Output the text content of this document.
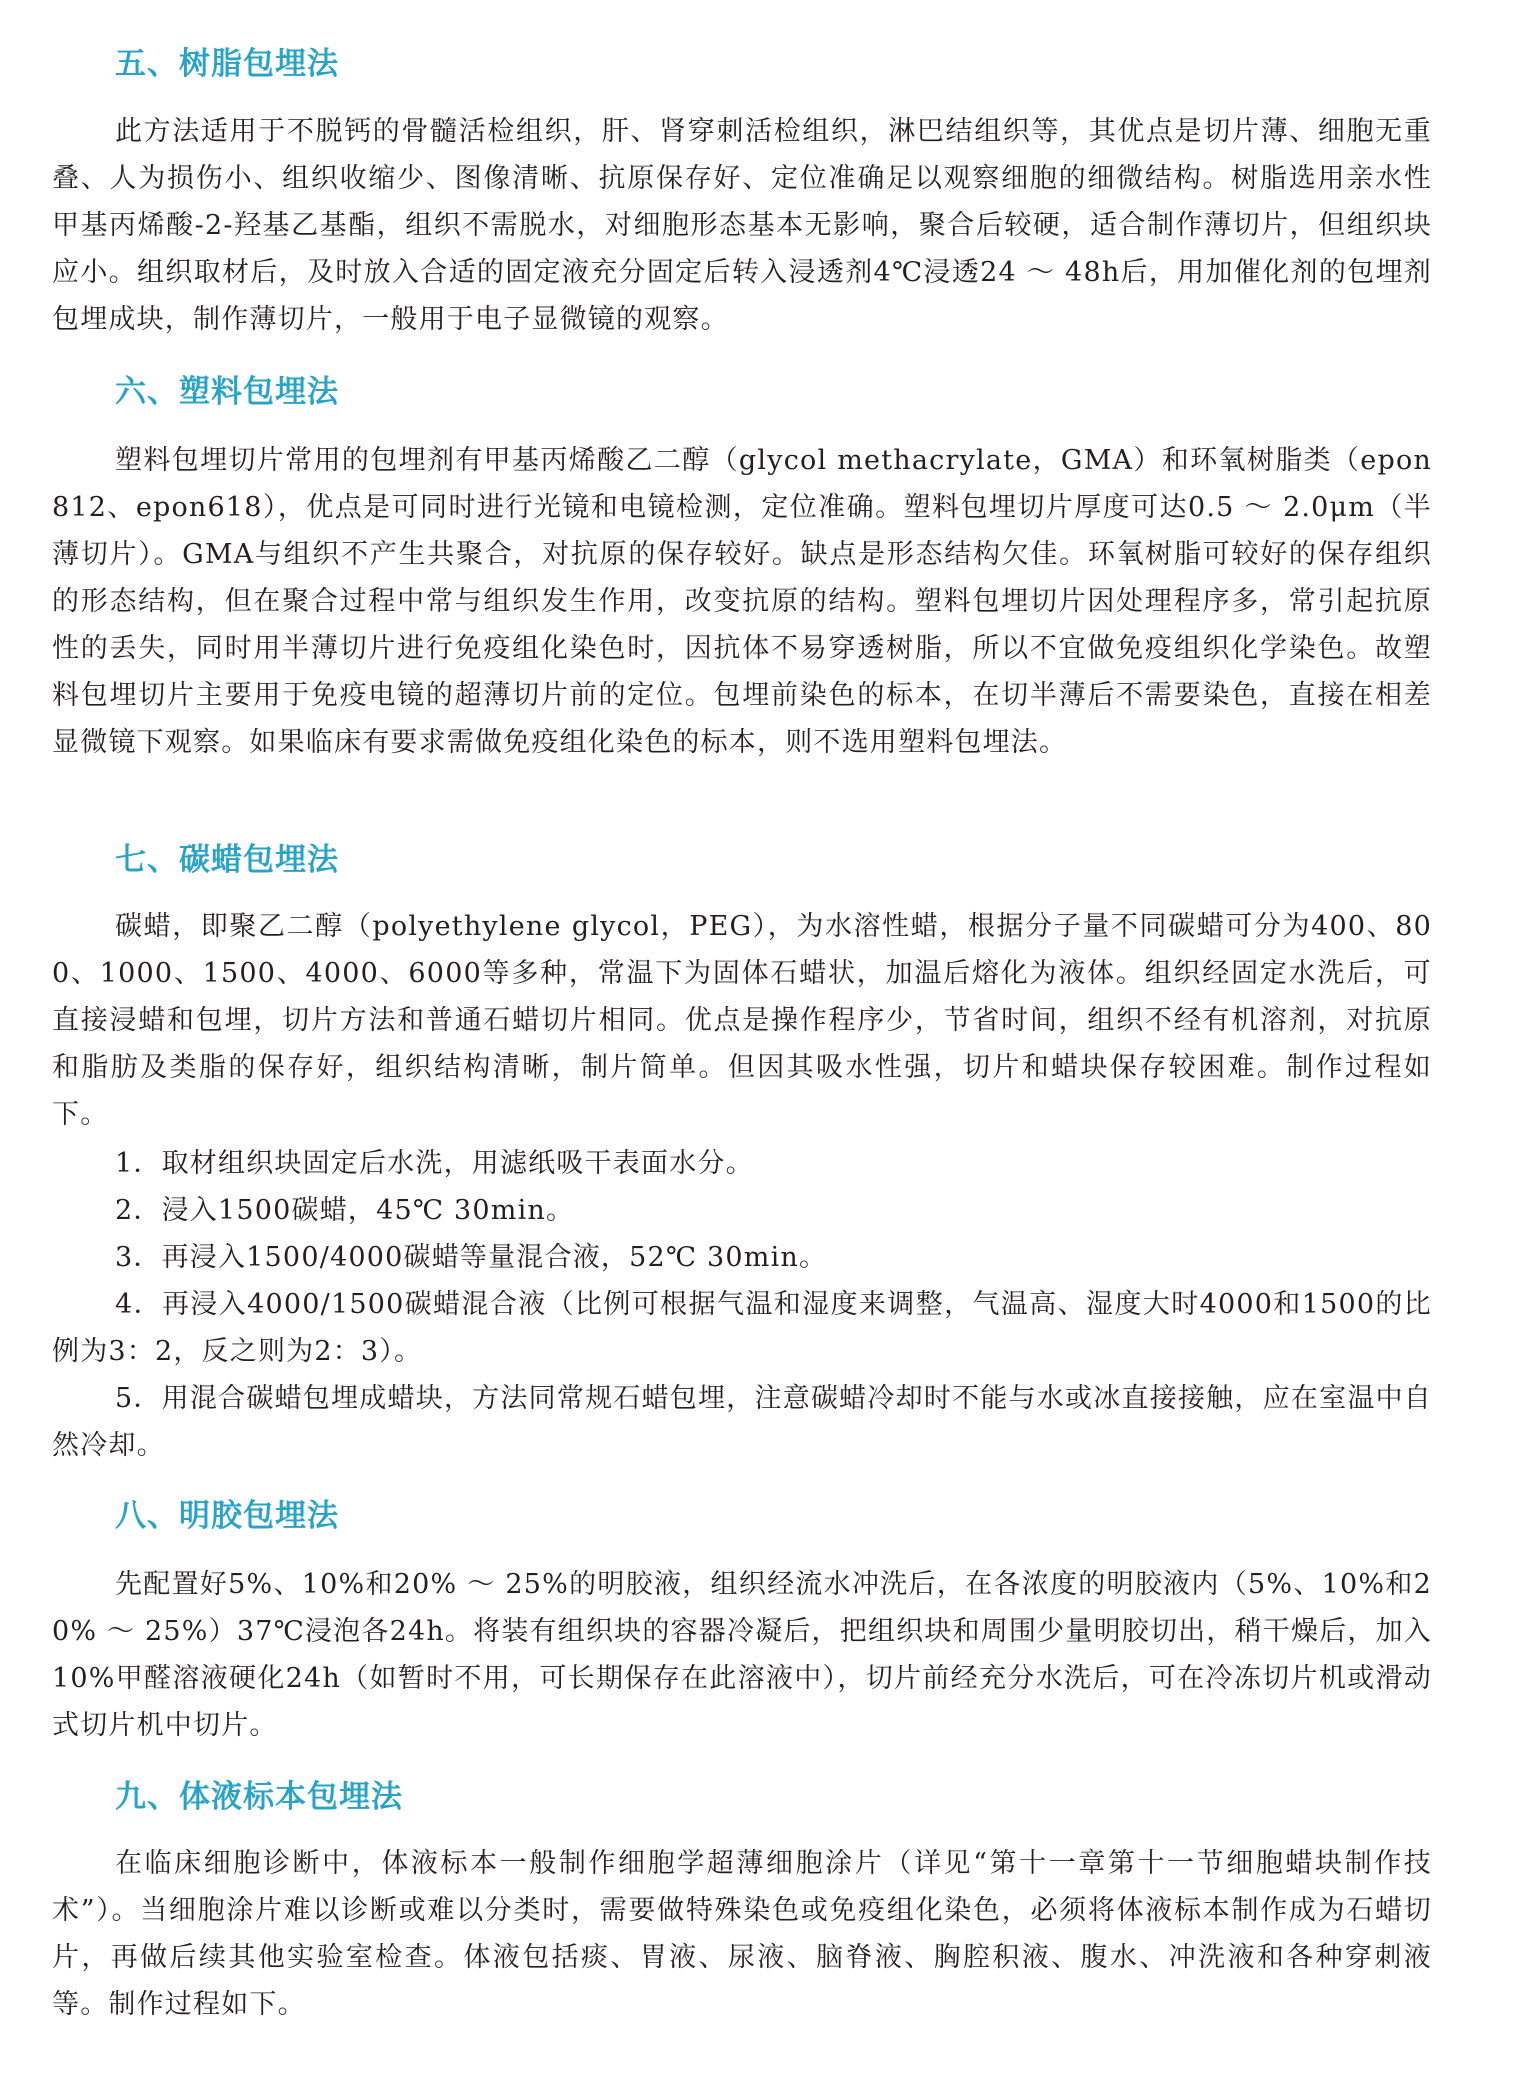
五、树脂包埋法

此方法适用于不脱钙的骨髓活检组织，肝、肾穿刺活检组织，淋巴结组织等，其优点是切片薄、细胞无重叠、人为损伤小、组织收缩少、图像清晰、抗原保存好、定位准确足以观察细胞的细微结构。树脂选用亲水性甲基丙烯酸-2-羟基乙基酯，组织不需脱水，对细胞形态基本无影响，聚合后较硬，适合制作薄切片，但组织块应小。组织取材后，及时放入合适的固定液充分固定后转入浸透剂4℃浸透24 ～ 48h后，用加催化剂的包埋剂包埋成块，制作薄切片，一般用于电子显微镜的观察。

六、塑料包埋法

塑料包埋切片常用的包埋剂有甲基丙烯酸乙二醇（glycol methacrylate，GMA）和环氧树脂类（epon812、epon618），优点是可同时进行光镜和电镜检测，定位准确。塑料包埋切片厚度可达0.5 ～ 2.0μm（半薄切片）。GMA与组织不产生共聚合，对抗原的保存较好。缺点是形态结构欠佳。环氧树脂可较好的保存组织的形态结构，但在聚合过程中常与组织发生作用，改变抗原的结构。塑料包埋切片因处理程序多，常引起抗原性的丢失，同时用半薄切片进行免疫组化染色时，因抗体不易穿透树脂，所以不宜做免疫组织化学染色。故塑料包埋切片主要用于免疫电镜的超薄切片前的定位。包埋前染色的标本，在切半薄后不需要染色，直接在相差显微镜下观察。如果临床有要求需做免疫组化染色的标本，则不选用塑料包埋法。

七、碳蜡包埋法

碳蜡，即聚乙二醇（polyethylene glycol，PEG），为水溶性蜡，根据分子量不同碳蜡可分为400、800、1000、1500、4000、6000等多种，常温下为固体石蜡状，加温后熔化为液体。组织经固定水洗后，可直接浸蜡和包埋，切片方法和普通石蜡切片相同。优点是操作程序少，节省时间，组织不经有机溶剂，对抗原和脂肪及类脂的保存好，组织结构清晰，制片简单。但因其吸水性强，切片和蜡块保存较困难。制作过程如下。

1．取材组织块固定后水洗，用滤纸吸干表面水分。

2．浸入1500碳蜡，45℃ 30min。

3．再浸入1500/4000碳蜡等量混合液，52℃ 30min。

4．再浸入4000/1500碳蜡混合液（比例可根据气温和湿度来调整，气温高、湿度大时4000和1500的比例为3：2，反之则为2：3）。

5．用混合碳蜡包埋成蜡块，方法同常规石蜡包埋，注意碳蜡冷却时不能与水或冰直接接触，应在室温中自然冷却。

八、明胶包埋法

先配置好5%、10%和20% ～ 25%的明胶液，组织经流水冲洗后，在各浓度的明胶液内（5%、10%和20% ～ 25%）37℃浸泡各24h。将装有组织块的容器冷凝后，把组织块和周围少量明胶切出，稍干燥后，加入10%甲醛溶液硬化24h（如暂时不用，可长期保存在此溶液中），切片前经充分水洗后，可在冷冻切片机或滑动式切片机中切片。

九、体液标本包埋法

在临床细胞诊断中，体液标本一般制作细胞学超薄细胞涂片（详见“第十一章第十一节细胞蜡块制作技术”）。当细胞涂片难以诊断或难以分类时，需要做特殊染色或免疫组化染色，必须将体液标本制作成为石蜡切片，再做后续其他实验室检查。体液包括痰、胃液、尿液、脑脊液、胸腔积液、腹水、冲洗液和各种穿刺液等。制作过程如下。
